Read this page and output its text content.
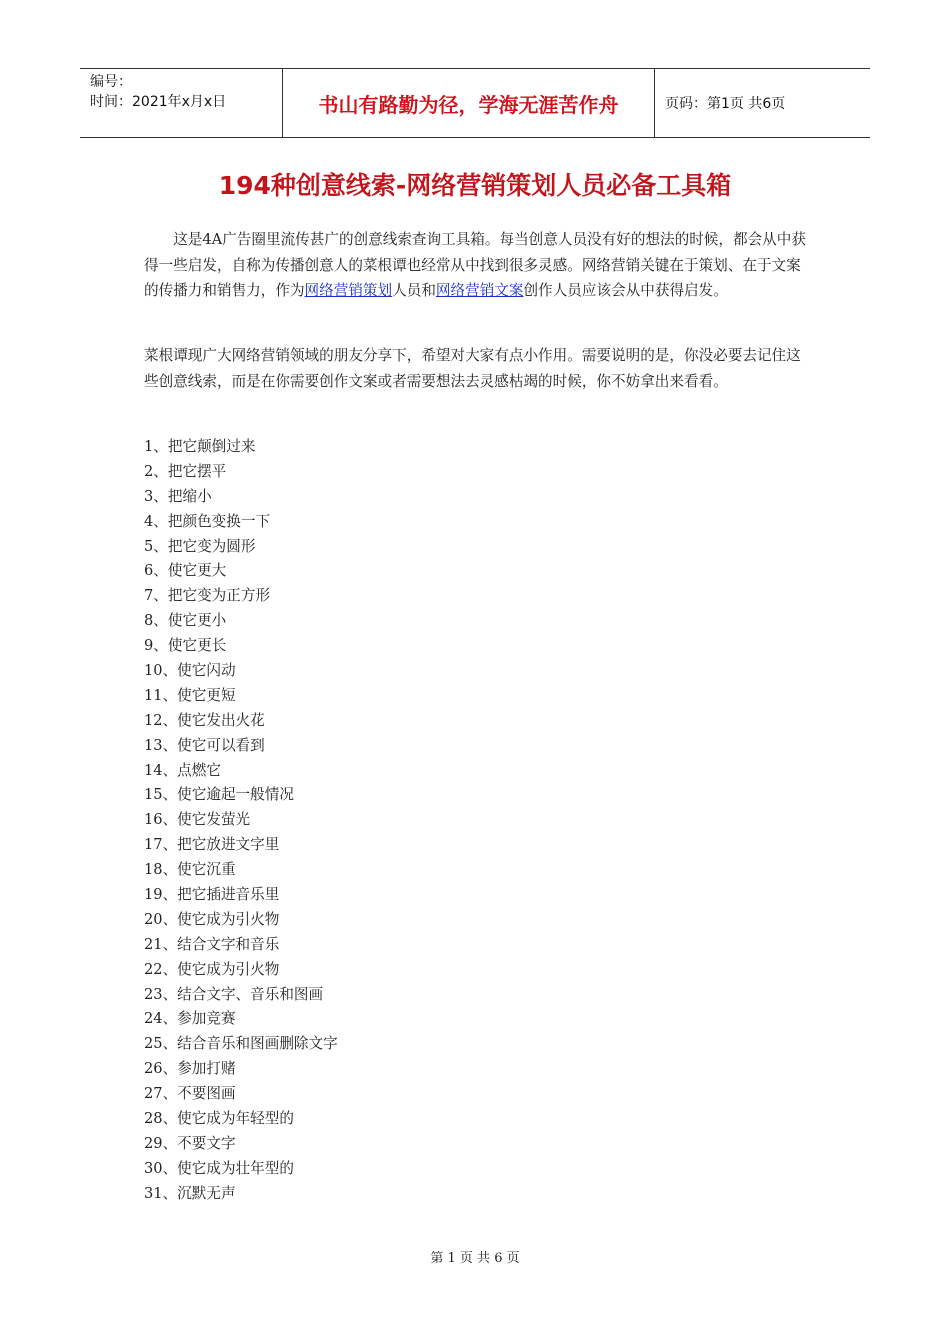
编号：
时间：2021年x月x日	书山有路勤为径，学海无涯苦作舟	页码：第1页 共6页
194种创意线索-网络营销策划人员必备工具箱

这是4A广告圈里流传甚广的创意线索查询工具箱。每当创意人员没有好的想法的时候，都会从中获得一些启发，自称为传播创意人的菜根谭也经常从中找到很多灵感。网络营销关键在于策划、在于文案的传播力和销售力，作为网络营销策划人员和网络营销文案创作人员应该会从中获得启发。

菜根谭现广大网络营销领域的朋友分享下，希望对大家有点小作用。需要说明的是，你没必要去记住这些创意线索，而是在你需要创作文案或者需要想法去灵感枯竭的时候，你不妨拿出来看看。

1、把它颠倒过来
2、把它摆平
3、把缩小
4、把颜色变换一下
5、把它变为圆形
6、使它更大
7、把它变为正方形
8、使它更小
9、使它更长
10、使它闪动
11、使它更短
12、使它发出火花
13、使它可以看到
14、点燃它
15、使它逾起一般情况
16、使它发萤光
17、把它放进文字里
18、使它沉重
19、把它插进音乐里
20、使它成为引火物
21、结合文字和音乐
22、使它成为引火物
23、结合文字、音乐和图画
24、参加竞赛
25、结合音乐和图画删除文字
26、参加打赌
27、不要图画
28、使它成为年轻型的
29、不要文字
30、使它成为壮年型的
31、沉默无声
第 1 页 共 6 页
